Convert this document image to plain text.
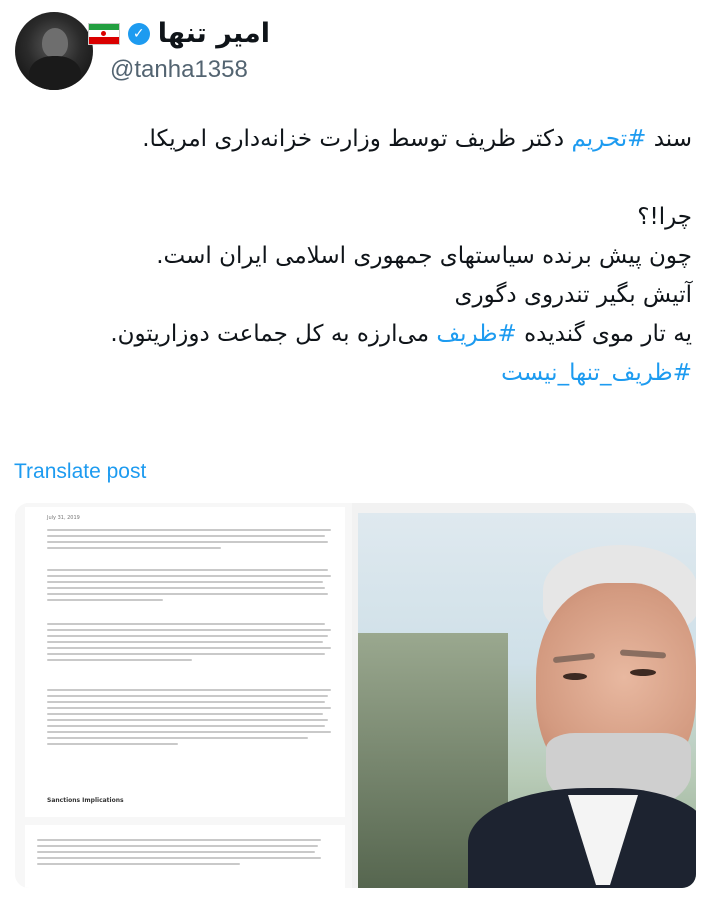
امیر تنها
✓
@tanha1358

سند #تحریم دکتر ظریف توسط وزارت خزانه‌داری امریکا.

چرا!؟

چون پیش برنده سیاستهای جمهوری اسلامی ایران است.

آتیش بگیر تندروی دگوری

یه تار موی گندیده #ظریف می‌ارزه به کل جماعت دوزاریتون.

#ظریف_تنها_نیست

Translate post
July 31, 2019
Sanctions Implications
